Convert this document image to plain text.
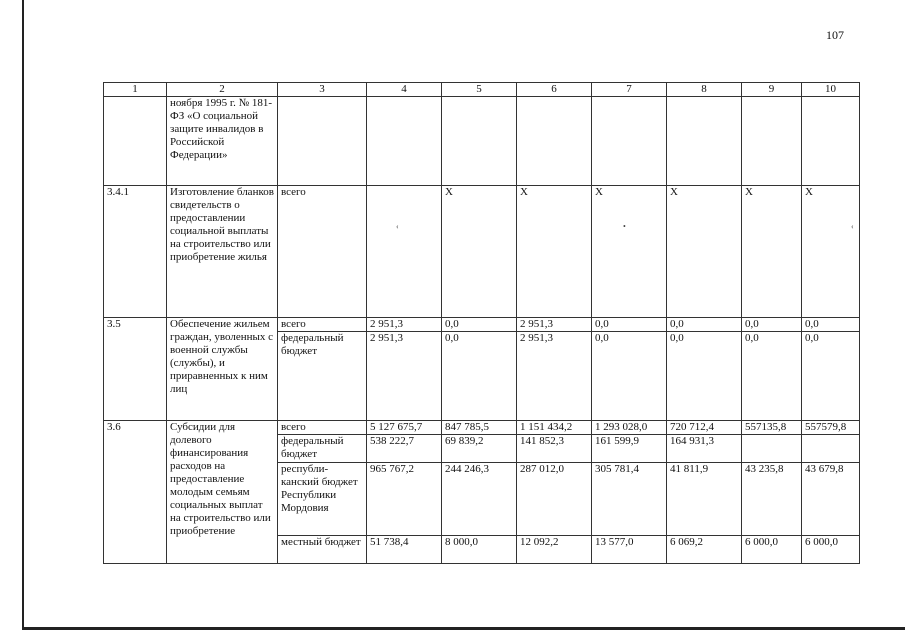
107
1	2	3	4	5	6	7	8	9	10
	ноября 1995 г. № 181-ФЗ «О социальной защите инвалидов в Российской Федерации»								
3.4.1	Изготовление бланков свидетельств о предоставлении социальной выплаты на строительство или приобретение жилья	всего		Х	Х	Х	Х	Х	Х
3.5	Обеспечение жильем граждан, уволенных с военной службы (службы), и приравненных к ним лиц	всего	2 951,3	0,0	2 951,3	0,0	0,0	0,0	0,0
		федеральный бюджет	2 951,3	0,0	2 951,3	0,0	0,0	0,0	0,0
3.6	Субсидии для долевого финансирования расходов на предоставление молодым семьям социальных выплат на строительство или приобретение	всего	5 127 675,7	847 785,5	1 151 434,2	1 293 028,0	720 712,4	557135,8	557579,8
		федеральный бюджет	538 222,7	69 839,2	141 852,3	161 599,9	164 931,3		
		республи-канский бюджет Республики Мордовия	965 767,2	244 246,3	287 012,0	305 781,4	41 811,9	43 235,8	43 679,8
		местный бюджет	51 738,4	8 000,0	12 092,2	13 577,0	6 069,2	6 000,0	6 000,0
‹	•	‹
